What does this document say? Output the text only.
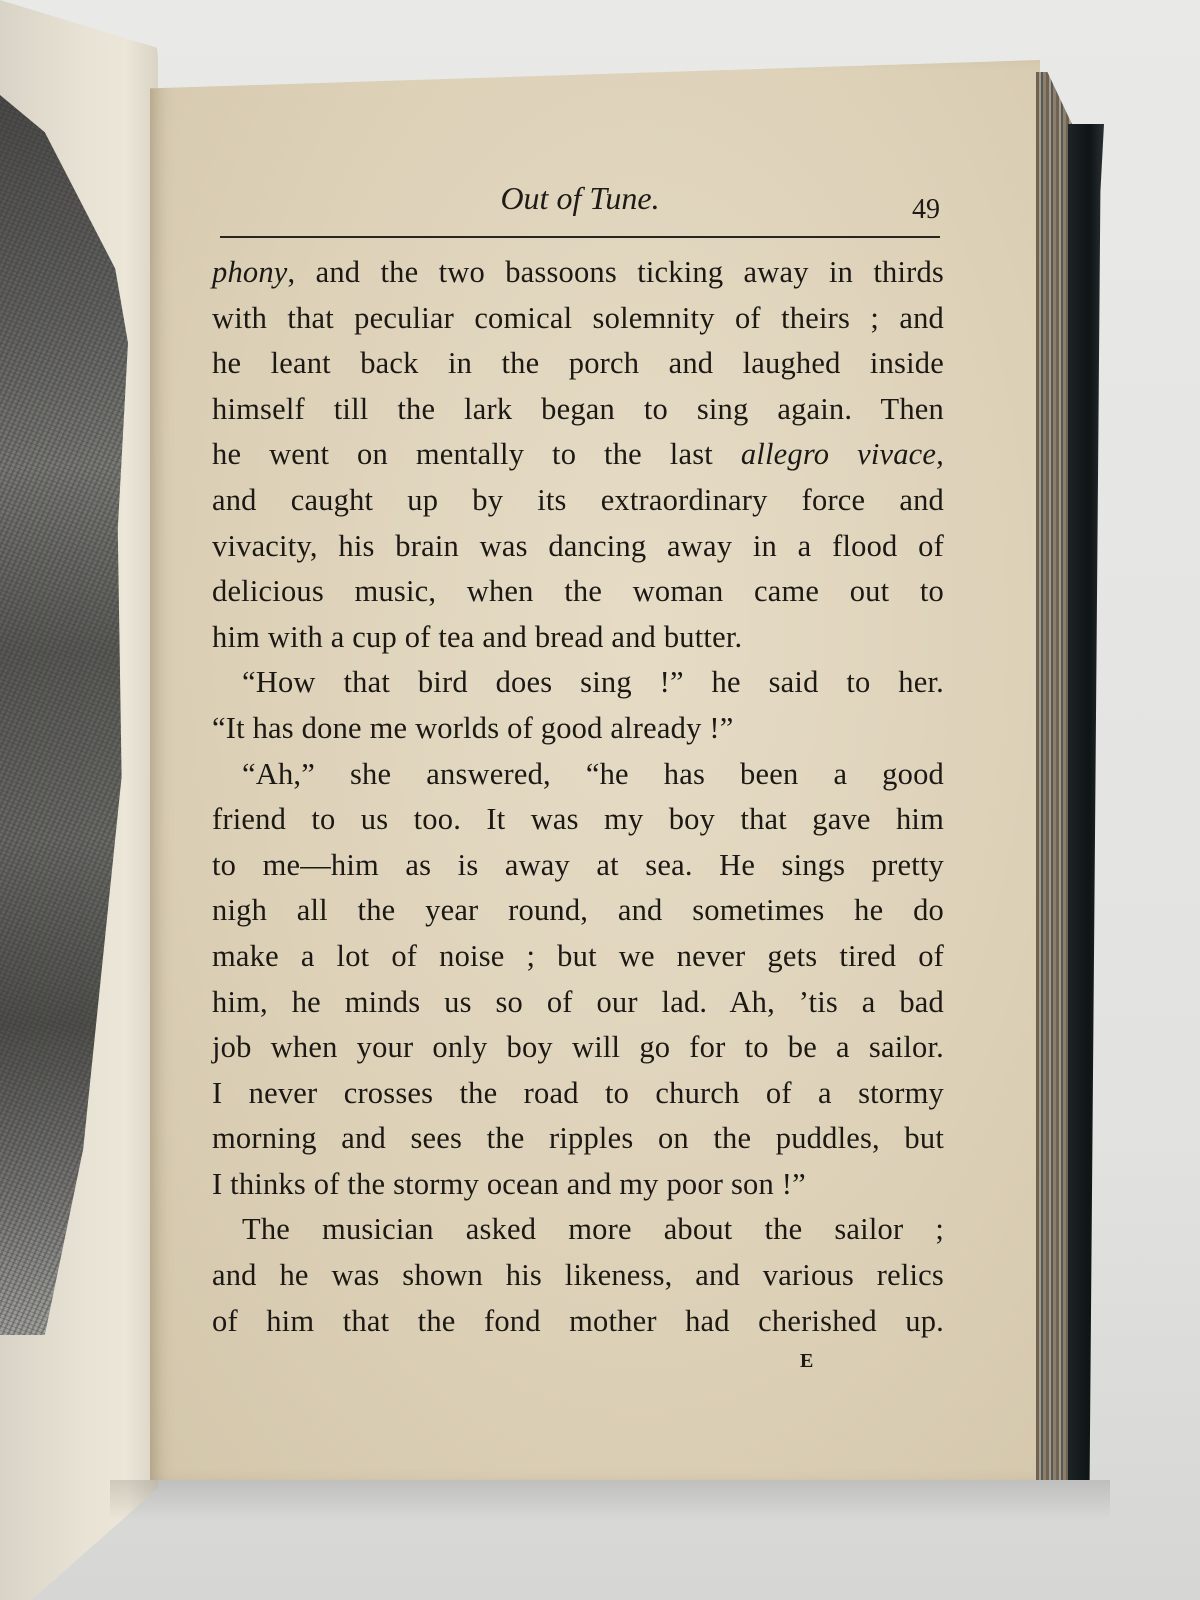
Out of Tune.	49
phony, and the two bassoons ticking away in thirds
with that peculiar comical solemnity of theirs ; and
he leant back in the porch and laughed inside
himself till the lark began to sing again. Then
he went on mentally to the last allegro vivace,
and caught up by its extraordinary force and
vivacity, his brain was dancing away in a flood of
delicious music, when the woman came out to
him with a cup of tea and bread and butter.
“How that bird does sing !” he said to her.
“It has done me worlds of good already !”
“Ah,” she answered, “he has been a good
friend to us too. It was my boy that gave him
to me—him as is away at sea. He sings pretty
nigh all the year round, and sometimes he do
make a lot of noise ; but we never gets tired of
him, he minds us so of our lad. Ah, ’tis a bad
job when your only boy will go for to be a sailor.
I never crosses the road to church of a stormy
morning and sees the ripples on the puddles, but
I thinks of the stormy ocean and my poor son !”
The musician asked more about the sailor ;
and he was shown his likeness, and various relics
of him that the fond mother had cherished up.
E
